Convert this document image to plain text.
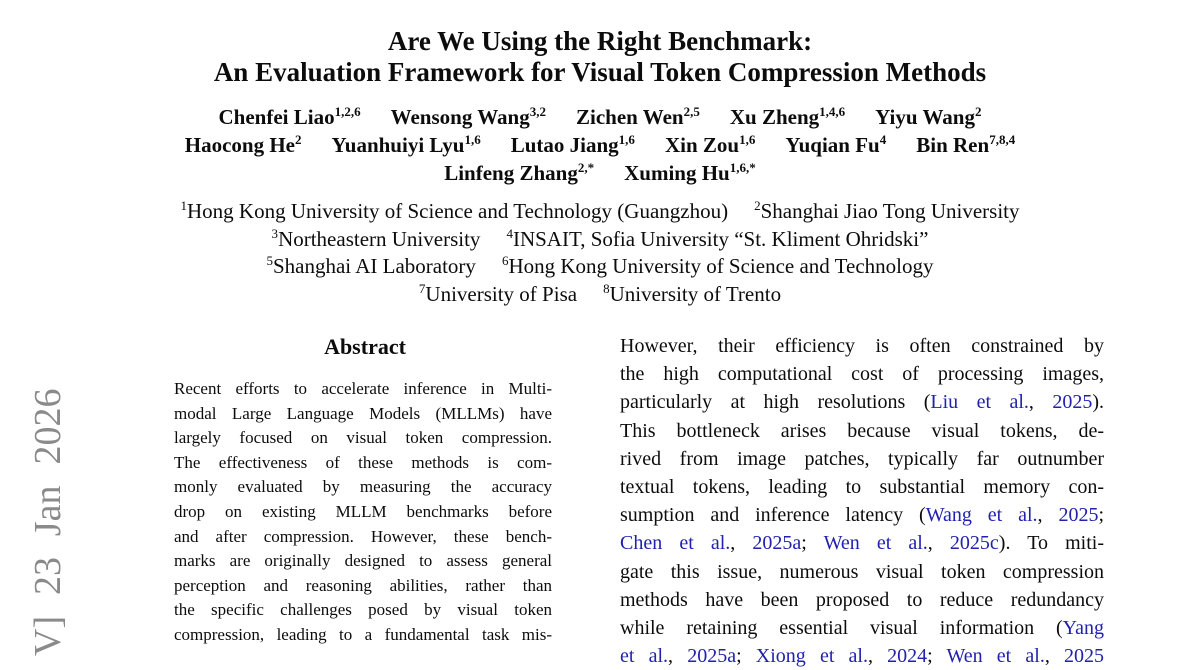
V] 23 Jan 2026
Are We Using the Right Benchmark:
An Evaluation Framework for Visual Token Compression Methods
Chenfei Liao$^{1,2,6}$ Wensong Wang$^{3,2}$ Zichen Wen$^{2,5}$ Xu Zheng$^{1,4,6}$ Yiyu Wang$^2$
Haocong He$^2$ Yuanhuiyi Lyu$^{1,6}$ Lutao Jiang$^{1,6}$ Xin Zou$^{1,6}$ Yuqian Fu$^4$ Bin Ren$^{7,8,4}$
Linfeng Zhang$^{2,*}$ Xuming $Hu^{1,6,*}$
$^1$Hong Kong University of Science and Technology (Guangzhou) $^2$Shanghai Jiao Tong University
$^3$Northeastern University $^4$INSAIT, Sofia University “St. Kliment Ohridski”
$^5$Shanghai AI Laboratory $^6$Hong Kong University of Science and Technology
$^7$University of Pisa $^8$University of Trento
Abstract
Recent efforts to accelerate inference in Multi-
modal Large Language Models (MLLMs) have
largely focused on visual token compression.
The effectiveness of these methods is com-
monly evaluated by measuring the accuracy
drop on existing MLLM benchmarks before
and after compression. However, these bench-
marks are originally designed to assess general
perception and reasoning abilities, rather than
the specific challenges posed by visual token
compression, leading to a fundamental task mis-
However, their efficiency is often constrained by
the high computational cost of processing images,
particularly at high resolutions (Liu et al., 2025).
This bottleneck arises because visual tokens, de-
rived from image patches, typically far outnumber
textual tokens, leading to substantial memory con-
sumption and inference latency (Wang et al., 2025;
Chen et al., 2025a; Wen et al., 2025c). To miti-
gate this issue, numerous visual token compression
methods have been proposed to reduce redundancy
while retaining essential visual information (Yang
et al., 2025a; Xiong et al., 2024; Wen et al., 2025
